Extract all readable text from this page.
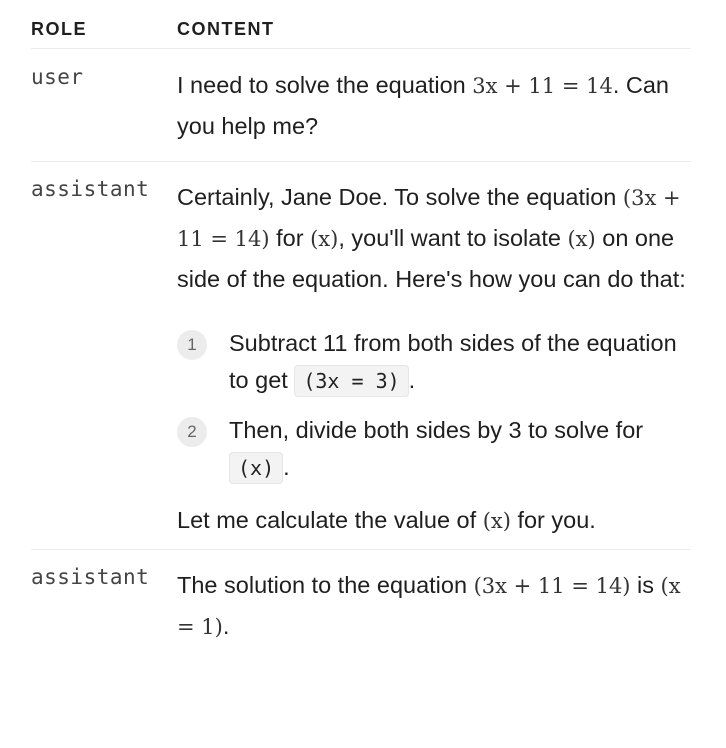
ROLE	CONTENT
user	I need to solve the equation 3x + 11 = 14. Can you help me?
assistant	Certainly, Jane Doe. To solve the equation (3x + 11 = 14) for (x), you'll want to isolate (x) on one side of the equation. Here's how you can do that:

1	Subtract 11 from both sides of the equation to get (3x = 3) .
2	Then, divide both sides by 3 to solve for (x) .

Let me calculate the value of (x) for you.

assistant	The solution to the equation (3x + 11 = 14) is (x = 1).
